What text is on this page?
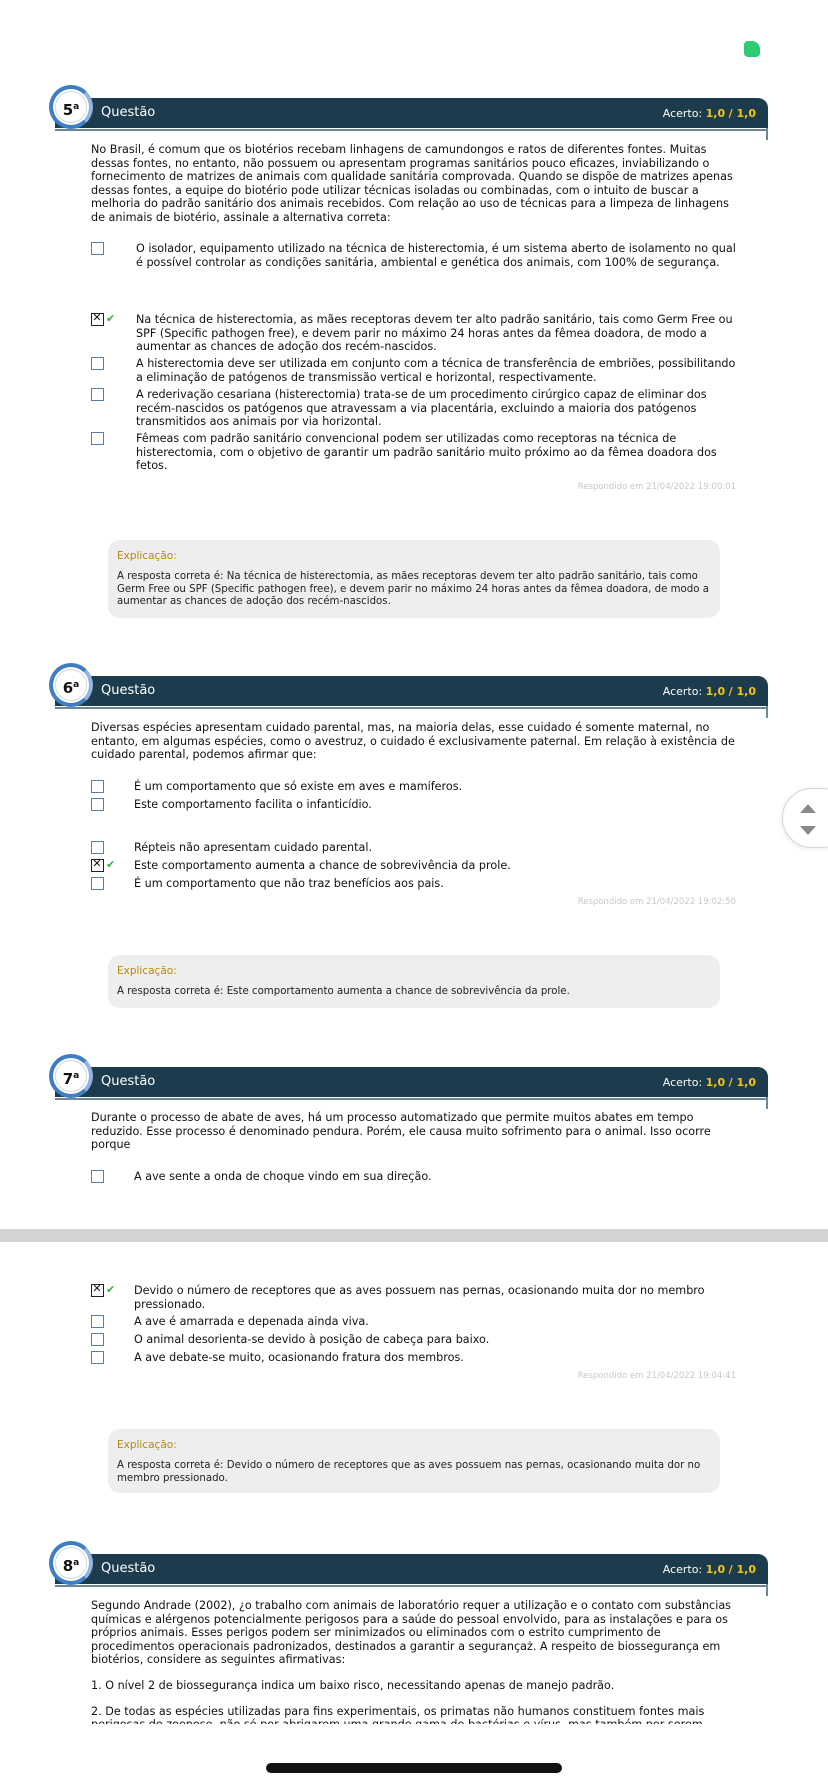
5$^a$	Questão	Acerto: 1,0 / 1,0
No Brasil, é comum que os biotérios recebam linhagens de camundongos e ratos de diferentes fontes. Muitas dessas fontes, no entanto, não possuem ou apresentam programas sanitários pouco eficazes, inviabilizando o fornecimento de matrizes de animais com qualidade sanitária comprovada. Quando se dispõe de matrizes apenas dessas fontes, a equipe do biotério pode utilizar técnicas isoladas ou combinadas, com o intuito de buscar a melhoria do padrão sanitário dos animais recebidos. Com relação ao uso de técnicas para a limpeza de linhagens de animais de biotério, assinale a alternativa correta:
O isolador, equipamento utilizado na técnica de histerectomia, é um sistema aberto de isolamento no qual é possível controlar as condições sanitária, ambiental e genética dos animais, com 100% de segurança.
✕
✔ Na técnica de histerectomia, as mães receptoras devem ter alto padrão sanitário, tais como Germ Free ou SPF (Specific pathogen free), e devem parir no máximo 24 horas antes da fêmea doadora, de modo a aumentar as chances de adoção dos recém-nascidos.
A histerectomia deve ser utilizada em conjunto com a técnica de transferência de embriões, possibilitando a eliminação de patógenos de transmissão vertical e horizontal, respectivamente.
A rederivação cesariana (histerectomia) trata-se de um procedimento cirúrgico capaz de eliminar dos recém-nascidos os patógenos que atravessam a via placentária, excluindo a maioria dos patógenos transmitidos aos animais por via horizontal.
Fêmeas com padrão sanitário convencional podem ser utilizadas como receptoras na técnica de histerectomia, com o objetivo de garantir um padrão sanitário muito próximo ao da fêmea doadora dos fetos.
Respondido em 21/04/2022 19:00:01
Explicação:
A resposta correta é: Na técnica de histerectomia, as mães receptoras devem ter alto padrão sanitário, tais como Germ Free ou SPF (Specific pathogen free), e devem parir no máximo 24 horas antes da fêmea doadora, de modo a aumentar as chances de adoção dos recém-nascidos.
6$^a$	Questão	Acerto: 1,0 / 1,0
Diversas espécies apresentam cuidado parental, mas, na maioria delas, esse cuidado é somente maternal, no entanto, em algumas espécies, como o avestruz, o cuidado é exclusivamente paternal. Em relação à existência de cuidado parental, podemos afirmar que:
É um comportamento que só existe em aves e mamíferos.
Este comportamento facilita o infanticídio.
Répteis não apresentam cuidado parental.
✕
✔ Este comportamento aumenta a chance de sobrevivência da prole.
É um comportamento que não traz benefícios aos pais.
Respondido em 21/04/2022 19:02:50
Explicação:
A resposta correta é: Este comportamento aumenta a chance de sobrevivência da prole.
7$^a$	Questão	Acerto: 1,0 / 1,0
Durante o processo de abate de aves, há um processo automatizado que permite muitos abates em tempo reduzido. Esse processo é denominado pendura. Porém, ele causa muito sofrimento para o animal. Isso ocorre porque
A ave sente a onda de choque vindo em sua direção.
✕
✔ Devido o número de receptores que as aves possuem nas pernas, ocasionando muita dor no membro pressionado.
A ave é amarrada e depenada ainda viva.
O animal desorienta-se devido à posição de cabeça para baixo.
A ave debate-se muito, ocasionando fratura dos membros.
Respondido em 21/04/2022 19:04:41
Explicação:
A resposta correta é: Devido o número de receptores que as aves possuem nas pernas, ocasionando muita dor no membro pressionado.
8$^a$	Questão	Acerto: 1,0 / 1,0

Segundo Andrade (2002), ¿o trabalho com animais de laboratório requer a utilização e o contato com substâncias químicas e alérgenos potencialmente perigosos para a saúde do pessoal envolvido, para as instalações e para os próprios animais. Esses perigos podem ser minimizados ou eliminados com o estrito cumprimento de procedimentos operacionais padronizados, destinados a garantir a segurançaż. A respeito de biossegurança em biotérios, considere as seguintes afirmativas:

1. O nível 2 de biossegurança indica um baixo risco, necessitando apenas de manejo padrão.

2. De todas as espécies utilizadas para fins experimentais, os primatas não humanos constituem fontes mais
